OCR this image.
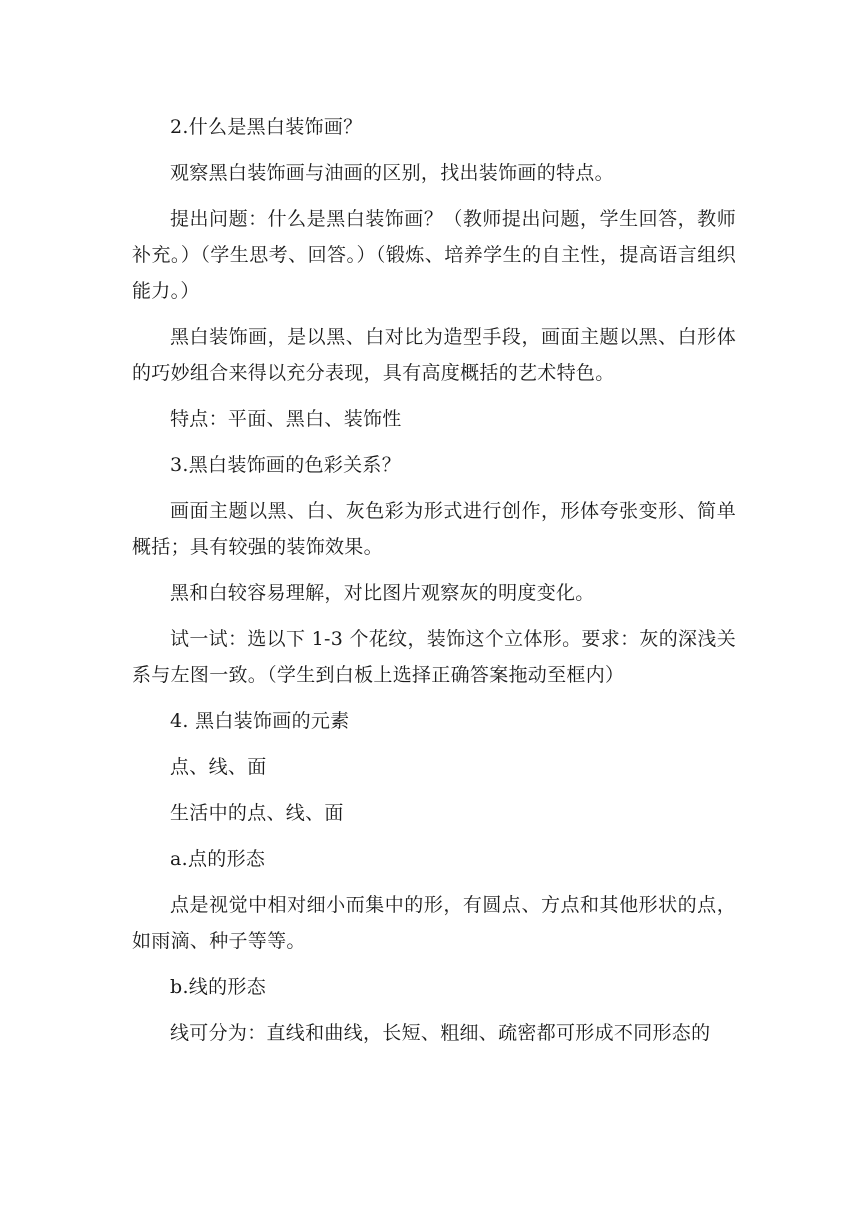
2.什么是黑白装饰画？

观察黑白装饰画与油画的区别，找出装饰画的特点。

提出问题：什么是黑白装饰画？（教师提出问题，学生回答，教师补充。）（学生思考、回答。）（锻炼、培养学生的自主性，提高语言组织能力。）

黑白装饰画，是以黑、白对比为造型手段，画面主题以黑、白形体的巧妙组合来得以充分表现，具有高度概括的艺术特色。

特点：平面、黑白、装饰性

3.黑白装饰画的色彩关系？

画面主题以黑、白、灰色彩为形式进行创作，形体夸张变形、简单概括；具有较强的装饰效果。

黑和白较容易理解，对比图片观察灰的明度变化。

试一试：选以下 1-3 个花纹，装饰这个立体形。要求：灰的深浅关系与左图一致。（学生到白板上选择正确答案拖动至框内）

4. 黑白装饰画的元素

点、线、面

生活中的点、线、面

a.点的形态

点是视觉中相对细小而集中的形，有圆点、方点和其他形状的点，如雨滴、种子等等。

b.线的形态

线可分为：直线和曲线，长短、粗细、疏密都可形成不同形态的
